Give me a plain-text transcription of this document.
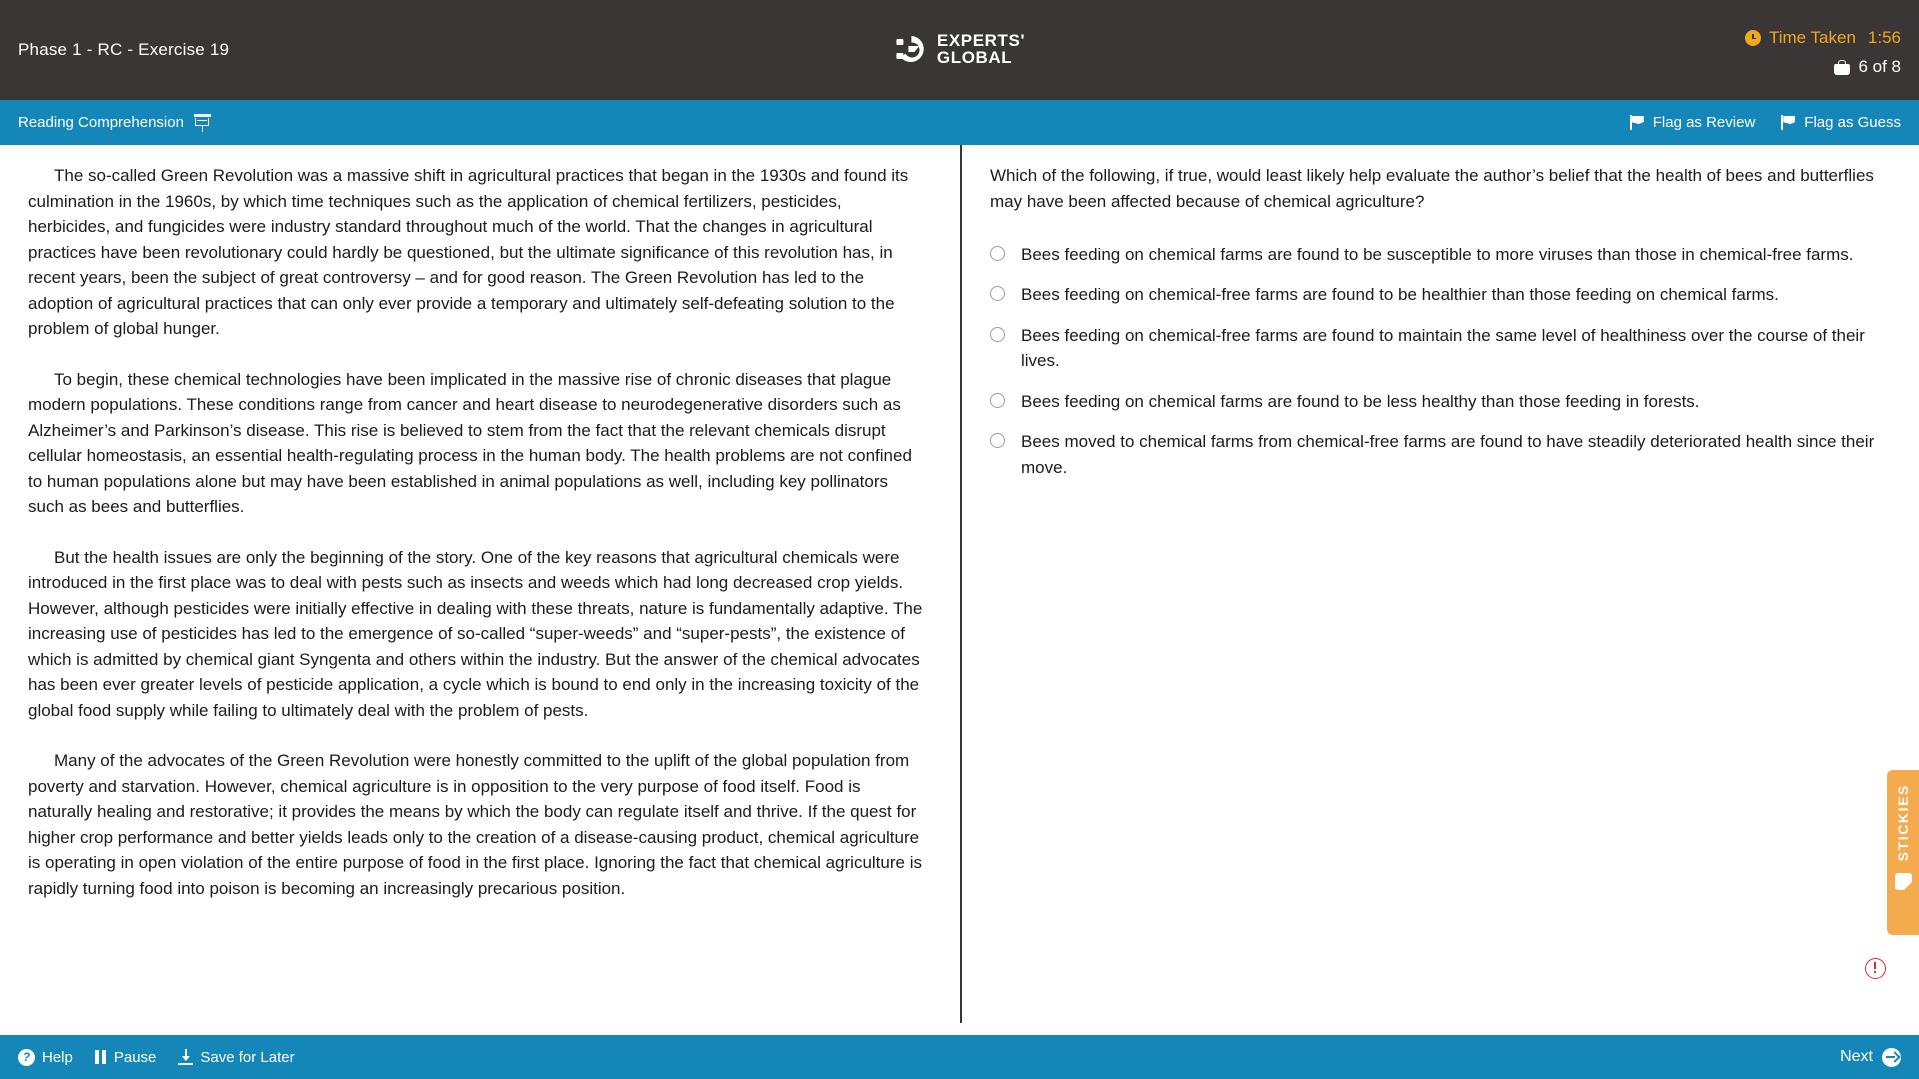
Phase 1 - RC - Exercise 19	EXPERTS'
GLOBAL
Time Taken 1:56
6 of 8
Reading Comprehension	Flag as Review	Flag as Guess

The so-called Green Revolution was a massive shift in agricultural practices that began in the 1930s and found its culmination in the 1960s, by which time techniques such as the application of chemical fertilizers, pesticides, herbicides, and fungicides were industry standard throughout much of the world. That the changes in agricultural practices have been revolutionary could hardly be questioned, but the ultimate significance of this revolution has, in recent years, been the subject of great controversy – and for good reason. The Green Revolution has led to the adoption of agricultural practices that can only ever provide a temporary and ultimately self-defeating solution to the problem of global hunger.

To begin, these chemical technologies have been implicated in the massive rise of chronic diseases that plague modern populations. These conditions range from cancer and heart disease to neurodegenerative disorders such as Alzheimer’s and Parkinson’s disease. This rise is believed to stem from the fact that the relevant chemicals disrupt cellular homeostasis, an essential health-regulating process in the human body. The health problems are not confined to human populations alone but may have been established in animal populations as well, including key pollinators such as bees and butterflies.

But the health issues are only the beginning of the story. One of the key reasons that agricultural chemicals were introduced in the first place was to deal with pests such as insects and weeds which had long decreased crop yields. However, although pesticides were initially effective in dealing with these threats, nature is fundamentally adaptive. The increasing use of pesticides has led to the emergence of so-called “super-weeds” and “super-pests”, the existence of which is admitted by chemical giant Syngenta and others within the industry. But the answer of the chemical advocates has been ever greater levels of pesticide application, a cycle which is bound to end only in the increasing toxicity of the global food supply while failing to ultimately deal with the problem of pests.

Many of the advocates of the Green Revolution were honestly committed to the uplift of the global population from poverty and starvation. However, chemical agriculture is in opposition to the very purpose of food itself. Food is naturally healing and restorative; it provides the means by which the body can regulate itself and thrive. If the quest for higher crop performance and better yields leads only to the creation of a disease-causing product, chemical agriculture is operating in open violation of the entire purpose of food in the first place. Ignoring the fact that chemical agriculture is rapidly turning food into poison is becoming an increasingly precarious position.

Which of the following, if true, would least likely help evaluate the author’s belief that the health of bees and butterflies may have been affected because of chemical agriculture?
Bees feeding on chemical farms are found to be susceptible to more viruses than those in chemical-free farms.
Bees feeding on chemical-free farms are found to be healthier than those feeding on chemical farms.
Bees feeding on chemical-free farms are found to maintain the same level of healthiness over the course of their lives.
Bees feeding on chemical farms are found to be less healthy than those feeding in forests.
Bees moved to chemical farms from chemical-free farms are found to have steadily deteriorated health since their move.
STICKIES
? Help	Pause	Save for Later	Next
